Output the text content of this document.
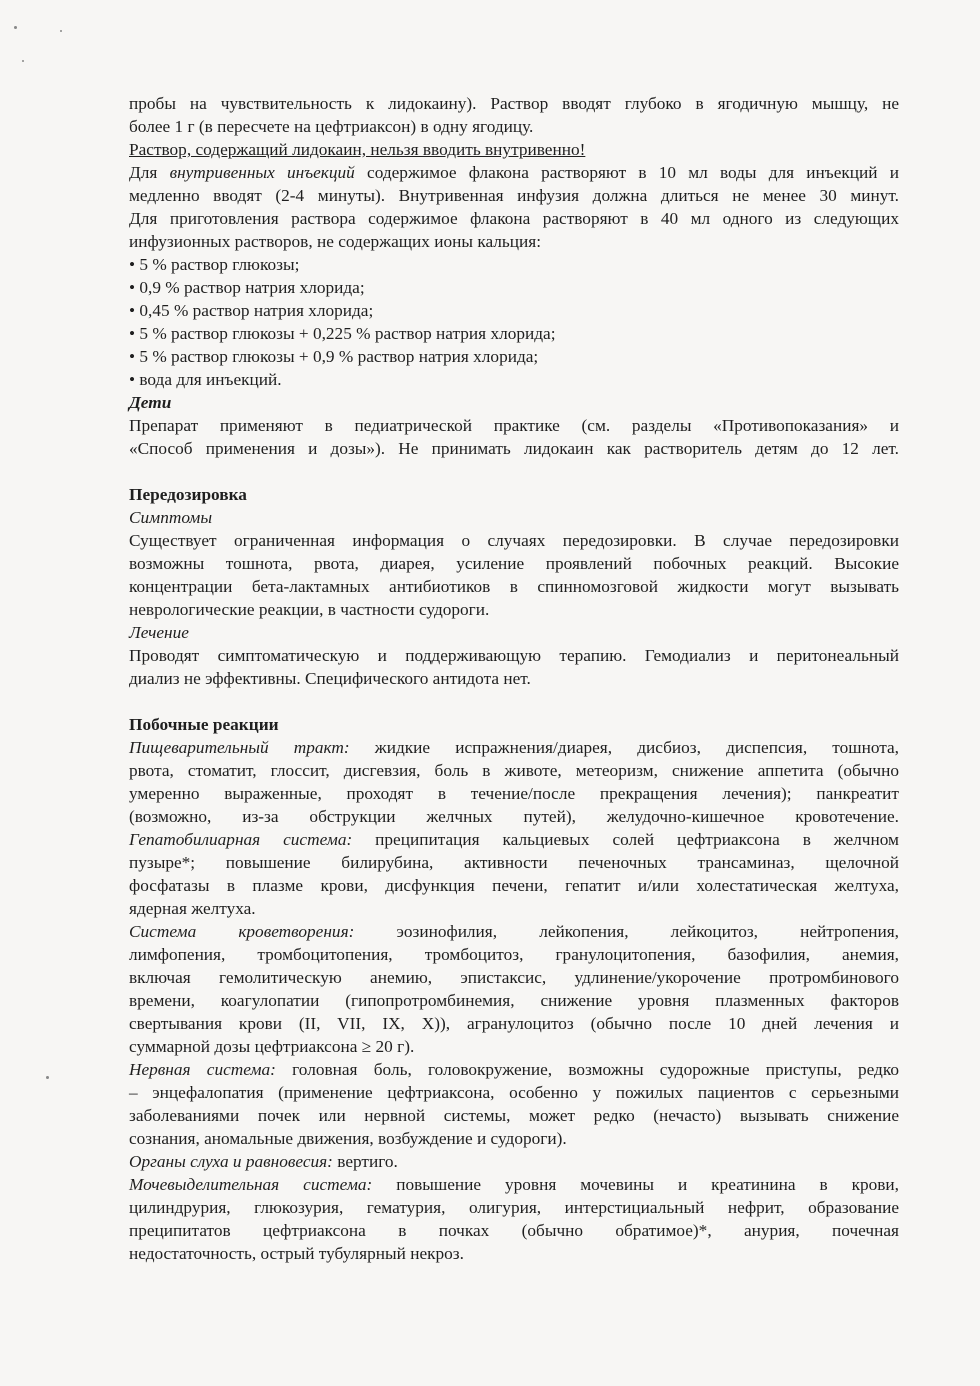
пробы на чувствительность к лидокаину). Раствор вводят глубоко в ягодичную мышцу, не

более 1 г (в пересчете на цефтриаксон) в одну ягодицу.

Раствор, содержащий лидокаин, нельзя вводить внутривенно!

Для внутривенных инъекций содержимое флакона растворяют в 10 мл воды для инъекций и

медленно вводят (2-4 минуты). Внутривенная инфузия должна длиться не менее 30 минут.

Для приготовления раствора содержимое флакона растворяют в 40 мл одного из следующих

инфузионных растворов, не содержащих ионы кальция:

• 5 % раствор глюкозы;

• 0,9 % раствор натрия хлорида;

• 0,45 % раствор натрия хлорида;

• 5 % раствор глюкозы + 0,225 % раствор натрия хлорида;

• 5 % раствор глюкозы + 0,9 % раствор натрия хлорида;

• вода для инъекций.

Дети

Препарат применяют в педиатрической практике (см. разделы «Противопоказания» и

«Способ применения и дозы»). Не принимать лидокаин как растворитель детям до 12 лет.

Передозировка

Симптомы

Существует ограниченная информация о случаях передозировки. В случае передозировки

возможны тошнота, рвота, диарея, усиление проявлений побочных реакций. Высокие

концентрации бета-лактамных антибиотиков в спинномозговой жидкости могут вызывать

неврологические реакции, в частности судороги.

Лечение

Проводят симптоматическую и поддерживающую терапию. Гемодиализ и перитонеальный

диализ не эффективны. Специфического антидота нет.

Побочные реакции

Пищеварительный тракт: жидкие испражнения/диарея, дисбиоз, диспепсия, тошнота,

рвота, стоматит, глоссит, дисгевзия, боль в животе, метеоризм, снижение аппетита (обычно

умеренно выраженные, проходят в течение/после прекращения лечения); панкреатит

(возможно, из-за обструкции желчных путей), желудочно-кишечное кровотечение.

Гепатобилиарная система: преципитация кальциевых солей цефтриаксона в желчном

пузыре*; повышение билирубина, активности печеночных трансаминаз, щелочной

фосфатазы в плазме крови, дисфункция печени, гепатит и/или холестатическая желтуха,

ядерная желтуха.

Система кроветворения: эозинофилия, лейкопения, лейкоцитоз, нейтропения,

лимфопения, тромбоцитопения, тромбоцитоз, гранулоцитопения, базофилия, анемия,

включая гемолитическую анемию, эпистаксис, удлинение/укорочение протромбинового

времени, коагулопатии (гипопротромбинемия, снижение уровня плазменных факторов

свертывания крови (II, VII, IX, X)), агранулоцитоз (обычно после 10 дней лечения и

суммарной дозы цефтриаксона ≥ 20 г).

Нервная система: головная боль, головокружение, возможны судорожные приступы, редко

– энцефалопатия (применение цефтриаксона, особенно у пожилых пациентов с серьезными

заболеваниями почек или нервной системы, может редко (нечасто) вызывать снижение

сознания, аномальные движения, возбуждение и судороги).

Органы слуха и равновесия: вертиго.

Мочевыделительная система: повышение уровня мочевины и креатинина в крови,

цилиндрурия, глюкозурия, гематурия, олигурия, интерстициальный нефрит, образование

преципитатов цефтриаксона в почках (обычно обратимое)*, анурия, почечная

недостаточность, острый тубулярный некроз.
